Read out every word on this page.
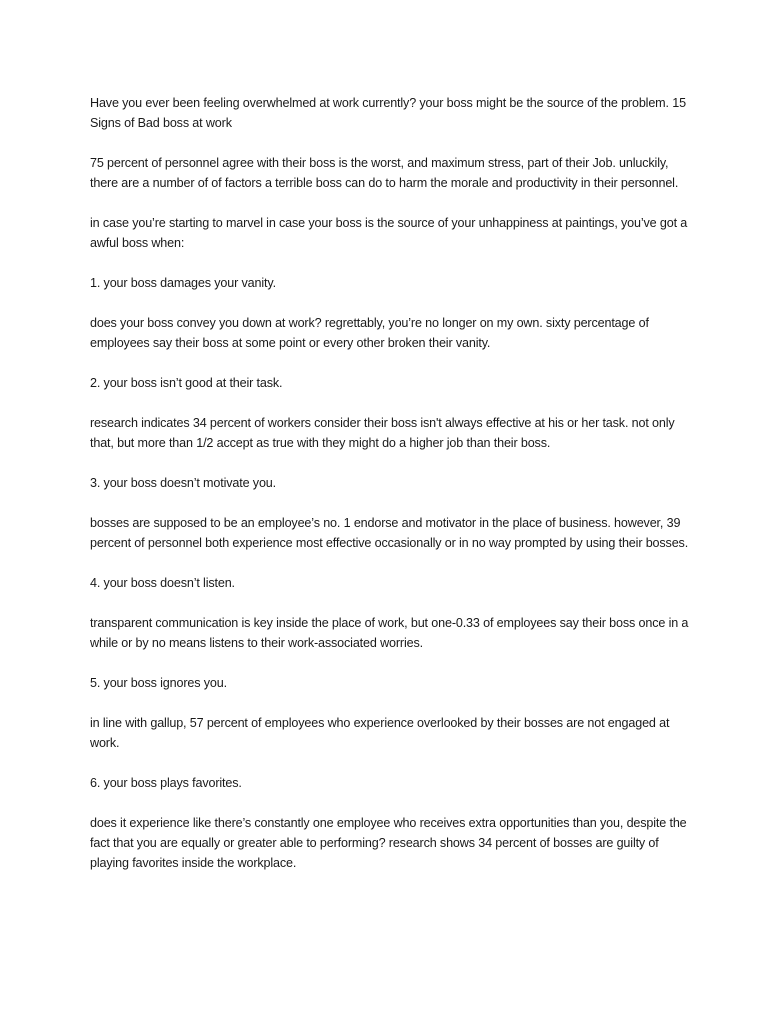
Have you ever been feeling overwhelmed at work currently? your boss might be the source of the problem. 15 Signs of Bad boss at work

75 percent of personnel agree with their boss is the worst, and maximum stress, part of their Job. unluckily, there are a number of of factors a terrible boss can do to harm the morale and productivity in their personnel.

in case you’re starting to marvel in case your boss is the source of your unhappiness at paintings, you’ve got a awful boss when:

1. your boss damages your vanity.

does your boss convey you down at work? regrettably, you’re no longer on my own. sixty percentage of employees say their boss at some point or every other broken their vanity.

2. your boss isn’t good at their task.

research indicates 34 percent of workers consider their boss isn't always effective at his or her task. not only that, but more than 1/2 accept as true with they might do a higher job than their boss.

3. your boss doesn’t motivate you.

bosses are supposed to be an employee’s no. 1 endorse and motivator in the place of business. however, 39 percent of personnel both experience most effective occasionally or in no way prompted by using their bosses.

4. your boss doesn’t listen.

transparent communication is key inside the place of work, but one-0.33 of employees say their boss once in a while or by no means listens to their work-associated worries.

5. your boss ignores you.

in line with gallup, 57 percent of employees who experience overlooked by their bosses are not engaged at work.

6. your boss plays favorites.

does it experience like there’s constantly one employee who receives extra opportunities than you, despite the fact that you are equally or greater able to performing? research shows 34 percent of bosses are guilty of playing favorites inside the workplace.
